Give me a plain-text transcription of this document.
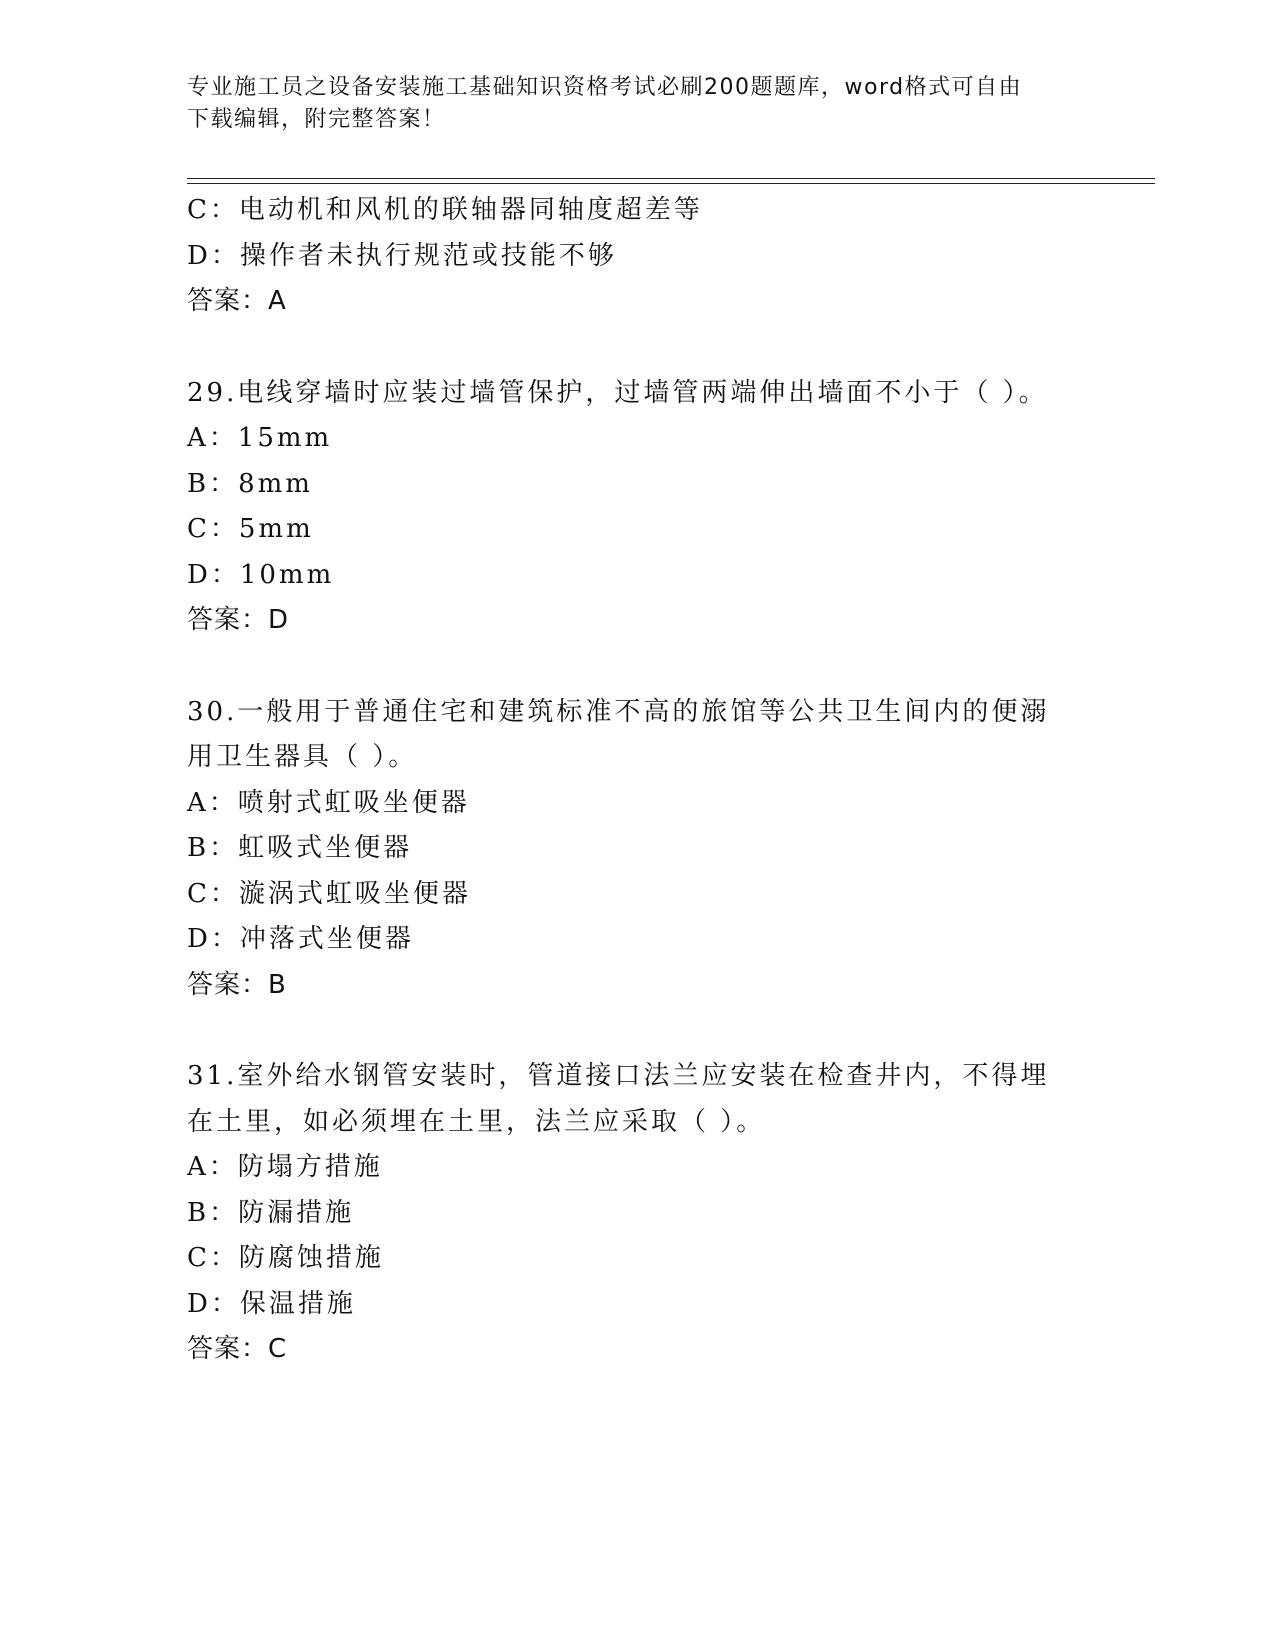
专业施工员之设备安装施工基础知识资格考试必刷200题题库，word格式可自由
下载编辑，附完整答案！
C：电动机和风机的联轴器同轴度超差等
D：操作者未执行规范或技能不够
答案：A
29.电线穿墙时应装过墙管保护，过墙管两端伸出墙面不小于（ ）。
A：15mm
B：8mm
C：5mm
D：10mm
答案：D
30.一般用于普通住宅和建筑标准不高的旅馆等公共卫生间内的便溺用卫生器具（ ）。
A：喷射式虹吸坐便器
B：虹吸式坐便器
C：漩涡式虹吸坐便器
D：冲落式坐便器
答案：B
31.室外给水钢管安装时，管道接口法兰应安装在检查井内，不得埋在土里，如必须埋在土里，法兰应采取（ ）。
A：防塌方措施
B：防漏措施
C：防腐蚀措施
D：保温措施
答案：C
